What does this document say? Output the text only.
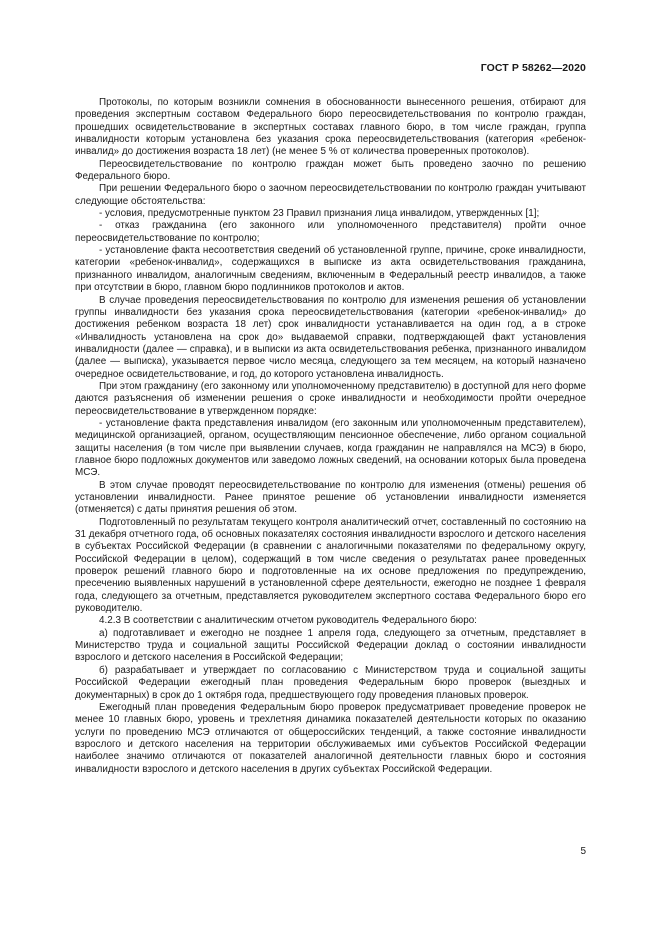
ГОСТ Р 58262—2020

Протоколы, по которым возникли сомнения в обоснованности вынесенного решения, отбирают для проведения экспертным составом Федерального бюро переосвидетельствования по контролю граждан, прошедших освидетельствование в экспертных составах главного бюро, в том числе граждан, группа инвалидности которым установлена без указания срока переосвидетельствования (категория «ребенок-инвалид» до достижения возраста 18 лет) (не менее 5 % от количества проверенных протоколов).

Переосвидетельствование по контролю граждан может быть проведено заочно по решению Федерального бюро.

При решении Федерального бюро о заочном переосвидетельствовании по контролю граждан учитывают следующие обстоятельства:

- условия, предусмотренные пунктом 23 Правил признания лица инвалидом, утвержденных [1];

- отказ гражданина (его законного или уполномоченного представителя) пройти очное переосвидетельствование по контролю;

- установление факта несоответствия сведений об установленной группе, причине, сроке инвалидности, категории «ребенок-инвалид», содержащихся в выписке из акта освидетельствования гражданина, признанного инвалидом, аналогичным сведениям, включенным в Федеральный реестр инвалидов, а также при отсутствии в бюро, главном бюро подлинников протоколов и актов.

В случае проведения переосвидетельствования по контролю для изменения решения об установлении группы инвалидности без указания срока переосвидетельствования (категории «ребенок-инвалид» до достижения ребенком возраста 18 лет) срок инвалидности устанавливается на один год, а в строке «Инвалидность установлена на срок до» выдаваемой справки, подтверждающей факт установления инвалидности (далее — справка), и в выписки из акта освидетельствования ребенка, признанного инвалидом (далее — выписка), указывается первое число месяца, следующего за тем месяцем, на который назначено очередное освидетельствование, и год, до которого установлена инвалидность.

При этом гражданину (его законному или уполномоченному представителю) в доступной для него форме даются разъяснения об изменении решения о сроке инвалидности и необходимости пройти очередное переосвидетельствование в утвержденном порядке:

- установление факта представления инвалидом (его законным или уполномоченным представителем), медицинской организацией, органом, осуществляющим пенсионное обеспечение, либо органом социальной защиты населения (в том числе при выявлении случаев, когда гражданин не направлялся на МСЭ) в бюро, главное бюро подложных документов или заведомо ложных сведений, на основании которых была проведена МСЭ.

В этом случае проводят переосвидетельствование по контролю для изменения (отмены) решения об установлении инвалидности. Ранее принятое решение об установлении инвалидности изменяется (отменяется) с даты принятия решения об этом.

Подготовленный по результатам текущего контроля аналитический отчет, составленный по состоянию на 31 декабря отчетного года, об основных показателях состояния инвалидности взрослого и детского населения в субъектах Российской Федерации (в сравнении с аналогичными показателями по федеральному округу, Российской Федерации в целом), содержащий в том числе сведения о результатах ранее проведенных проверок решений главного бюро и подготовленные на их основе предложения по предупреждению, пресечению выявленных нарушений в установленной сфере деятельности, ежегодно не позднее 1 февраля года, следующего за отчетным, представляется руководителем экспертного состава Федерального бюро его руководителю.

4.2.3 В соответствии с аналитическим отчетом руководитель Федерального бюро:

а) подготавливает и ежегодно не позднее 1 апреля года, следующего за отчетным, представляет в Министерство труда и социальной защиты Российской Федерации доклад о состоянии инвалидности взрослого и детского населения в Российской Федерации;

б) разрабатывает и утверждает по согласованию с Министерством труда и социальной защиты Российской Федерации ежегодный план проведения Федеральным бюро проверок (выездных и документарных) в срок до 1 октября года, предшествующего году проведения плановых проверок.

Ежегодный план проведения Федеральным бюро проверок предусматривает проведение проверок не менее 10 главных бюро, уровень и трехлетняя динамика показателей деятельности которых по оказанию услуги по проведению МСЭ отличаются от общероссийских тенденций, а также состояние инвалидности взрослого и детского населения на территории обслуживаемых ими субъектов Российской Федерации наиболее значимо отличаются от показателей аналогичной деятельности главных бюро и состояния инвалидности взрослого и детского населения в других субъектах Российской Федерации.

5
